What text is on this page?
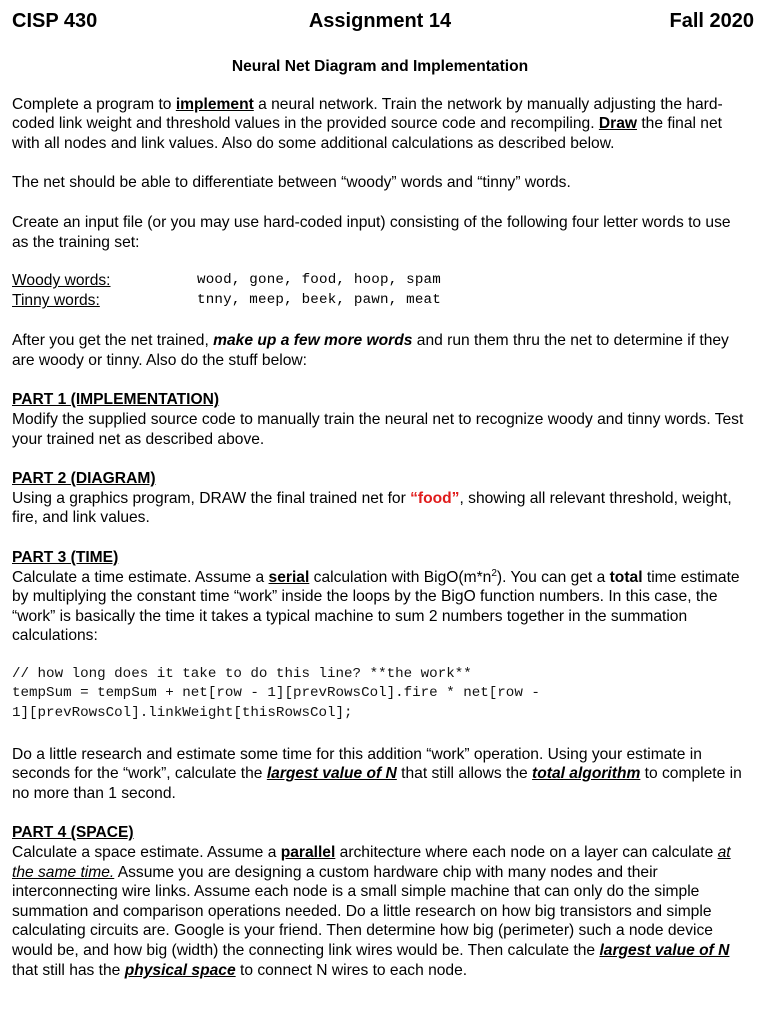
CISP 430	Assignment 14	Fall 2020

Neural Net Diagram and Implementation

Complete a program to implement a neural network. Train the network by manually adjusting the hard-coded link weight and threshold values in the provided source code and recompiling. Draw the final net with all nodes and link values. Also do some additional calculations as described below.

The net should be able to differentiate between “woody” words and “tinny” words.

Create an input file (or you may use hard-coded input) consisting of the following four letter words to use as the training set:

Woody words:	wood, gone, food, hoop, spam
Tinny words:	tnny, meep, beek, pawn, meat

After you get the net trained, make up a few more words and run them thru the net to determine if they are woody or tinny. Also do the stuff below:

PART 1 (IMPLEMENTATION)

Modify the supplied source code to manually train the neural net to recognize woody and tinny words. Test your trained net as described above.

PART 2 (DIAGRAM)

Using a graphics program, DRAW the final trained net for “food”, showing all relevant threshold, weight, fire, and link values.

PART 3 (TIME)

Calculate a time estimate. Assume a serial calculation with $BigO(m*n^2)$. You can get a total time estimate by multiplying the constant time “work” inside the loops by the BigO function numbers. In this case, the “work” is basically the time it takes a typical machine to sum 2 numbers together in the summation calculations:

// how long does it take to do this line? **the work**
tempSum = tempSum + net[row - 1][prevRowsCol].fire * net[row -
1][prevRowsCol].linkWeight[thisRowsCol];

Do a little research and estimate some time for this addition “work” operation. Using your estimate in seconds for the “work”, calculate the largest value of N that still allows the total algorithm to complete in no more than 1 second.

PART 4 (SPACE)

Calculate a space estimate. Assume a parallel architecture where each node on a layer can calculate at the same time. Assume you are designing a custom hardware chip with many nodes and their interconnecting wire links. Assume each node is a small simple machine that can only do the simple summation and comparison operations needed. Do a little research on how big transistors and simple calculating circuits are. Google is your friend. Then determine how big (perimeter) such a node device would be, and how big (width) the connecting link wires would be. Then calculate the largest value of N that still has the physical space to connect N wires to each node.
